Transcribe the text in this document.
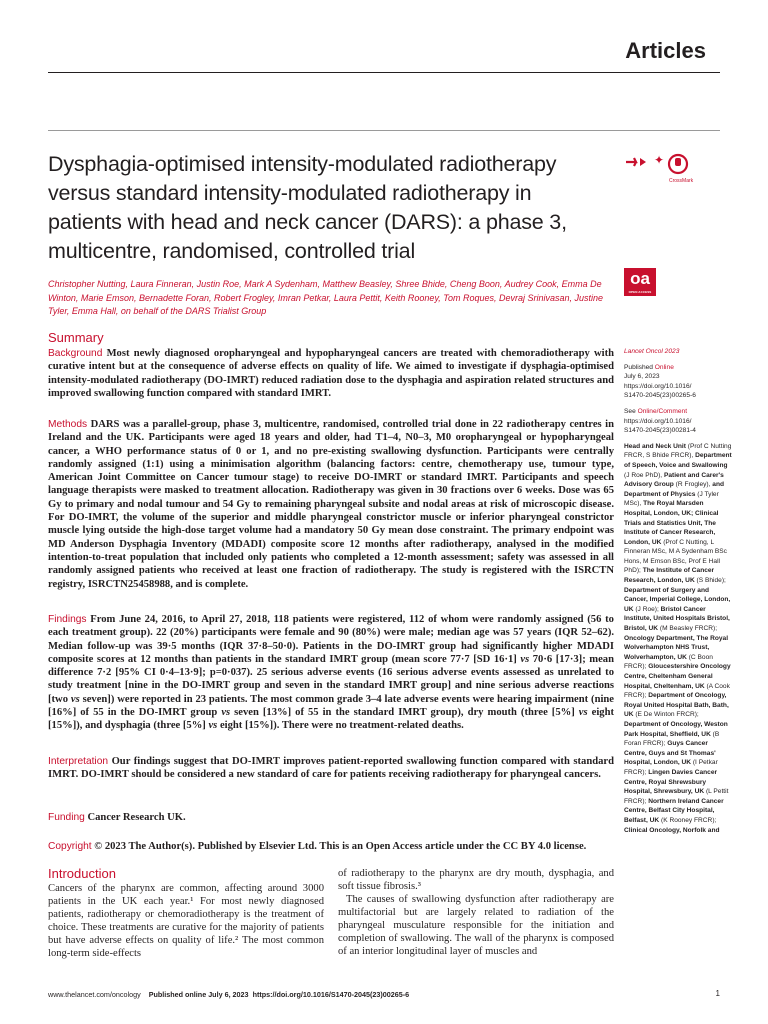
Articles
Dysphagia-optimised intensity-modulated radiotherapy versus standard intensity-modulated radiotherapy in patients with head and neck cancer (DARS): a phase 3, multicentre, randomised, controlled trial
✦
CrossMark
oa
OPEN ACCESS
Christopher Nutting, Laura Finneran, Justin Roe, Mark A Sydenham, Matthew Beasley, Shree Bhide, Cheng Boon, Audrey Cook, Emma De Winton, Marie Emson, Bernadette Foran, Robert Frogley, Imran Petkar, Laura Pettit, Keith Rooney, Tom Roques, Devraj Srinivasan, Justine Tyler, Emma Hall, on behalf of the DARS Trialist Group
Summary
Background Most newly diagnosed oropharyngeal and hypopharyngeal cancers are treated with chemoradiotherapy with curative intent but at the consequence of adverse effects on quality of life. We aimed to investigate if dysphagia-optimised intensity-modulated radiotherapy (DO-IMRT) reduced radiation dose to the dysphagia and aspiration related structures and improved swallowing function compared with standard IMRT.
Methods DARS was a parallel-group, phase 3, multicentre, randomised, controlled trial done in 22 radiotherapy centres in Ireland and the UK. Participants were aged 18 years and older, had T1–4, N0–3, M0 oropharyngeal or hypopharyngeal cancer, a WHO performance status of 0 or 1, and no pre-existing swallowing dysfunction. Participants were centrally randomly assigned (1:1) using a minimisation algorithm (balancing factors: centre, chemotherapy use, tumour type, American Joint Committee on Cancer tumour stage) to receive DO-IMRT or standard IMRT. Participants and speech language therapists were masked to treatment allocation. Radiotherapy was given in 30 fractions over 6 weeks. Dose was 65 Gy to primary and nodal tumour and 54 Gy to remaining pharyngeal subsite and nodal areas at risk of microscopic disease. For DO-IMRT, the volume of the superior and middle pharyngeal constrictor muscle or inferior pharyngeal constrictor muscle lying outside the high-dose target volume had a mandatory 50 Gy mean dose constraint. The primary endpoint was MD Anderson Dysphagia Inventory (MDADI) composite score 12 months after radiotherapy, analysed in the modified intention-to-treat population that included only patients who completed a 12-month assessment; safety was assessed in all randomly assigned patients who received at least one fraction of radiotherapy. The study is registered with the ISRCTN registry, ISRCTN25458988, and is complete.
Findings From June 24, 2016, to April 27, 2018, 118 patients were registered, 112 of whom were randomly assigned (56 to each treatment group). 22 (20%) participants were female and 90 (80%) were male; median age was 57 years (IQR 52–62). Median follow-up was 39·5 months (IQR 37·8–50·0). Patients in the DO-IMRT group had significantly higher MDADI composite scores at 12 months than patients in the standard IMRT group (mean score 77·7 [SD 16·1] vs 70·6 [17·3]; mean difference 7·2 [95% CI 0·4–13·9]; p=0·037). 25 serious adverse events (16 serious adverse events assessed as unrelated to study treatment [nine in the DO-IMRT group and seven in the standard IMRT group] and nine serious adverse reactions [two vs seven]) were reported in 23 patients. The most common grade 3–4 late adverse events were hearing impairment (nine [16%] of 55 in the DO-IMRT group vs seven [13%] of 55 in the standard IMRT group), dry mouth (three [5%] vs eight [15%]), and dysphagia (three [5%] vs eight [15%]). There were no treatment-related deaths.
Interpretation Our findings suggest that DO-IMRT improves patient-reported swallowing function compared with standard IMRT. DO-IMRT should be considered a new standard of care for patients receiving radiotherapy for pharyngeal cancers.
Funding Cancer Research UK.
Copyright © 2023 The Author(s). Published by Elsevier Ltd. This is an Open Access article under the CC BY 4.0 license.
Introduction
Cancers of the pharynx are common, affecting around 3000 patients in the UK each year.¹ For most newly diagnosed patients, radiotherapy or chemoradiotherapy is the treatment of choice. These treatments are curative for the majority of patients but have adverse effects on quality of life.² The most common long-term side-effects

of radiotherapy to the pharynx are dry mouth, dysphagia, and soft tissue fibrosis.³

The causes of swallowing dysfunction after radiotherapy are multifactorial but are largely related to radiation of the pharyngeal musculature responsible for the initiation and completion of swallowing. The wall of the pharynx is composed of an interior longitudinal layer of muscles and

Lancet Oncol 2023
Published Online
July 6, 2023
https://doi.org/10.1016/
S1470-2045(23)00265-6
See Online/Comment
https://doi.org/10.1016/
S1470-2045(23)00281-4
Head and Neck Unit (Prof C Nutting FRCR, S Bhide FRCR), Department of Speech, Voice and Swallowing (J Roe PhD), Patient and Carer's Advisory Group (R Frogley), and Department of Physics (J Tyler MSc), The Royal Marsden Hospital, London, UK; Clinical Trials and Statistics Unit, The Institute of Cancer Research, London, UK (Prof C Nutting, L Finneran MSc, M A Sydenham BSc Hons, M Emson BSc, Prof E Hall PhD); The Institute of Cancer Research, London, UK (S Bhide); Department of Surgery and Cancer, Imperial College, London, UK (J Roe); Bristol Cancer Institute, United Hospitals Bristol, Bristol, UK (M Beasley FRCR); Oncology Department, The Royal Wolverhampton NHS Trust, Wolverhampton, UK (C Boon FRCR); Gloucestershire Oncology Centre, Cheltenham General Hospital, Cheltenham, UK (A Cook FRCR); Department of Oncology, Royal United Hospital Bath, Bath, UK (E De Winton FRCR); Department of Oncology, Weston Park Hospital, Sheffield, UK (B Foran FRCR); Guys Cancer Centre, Guys and St Thomas' Hospital, London, UK (I Petkar FRCR); Lingen Davies Cancer Centre, Royal Shrewsbury Hospital, Shrewsbury, UK (L Pettit FRCR); Northern Ireland Cancer Centre, Belfast City Hospital, Belfast, UK (K Rooney FRCR); Clinical Oncology, Norfolk and
www.thelancet.com/oncology Published online July 6, 2023 https://doi.org/10.1016/S1470-2045(23)00265-6	1
